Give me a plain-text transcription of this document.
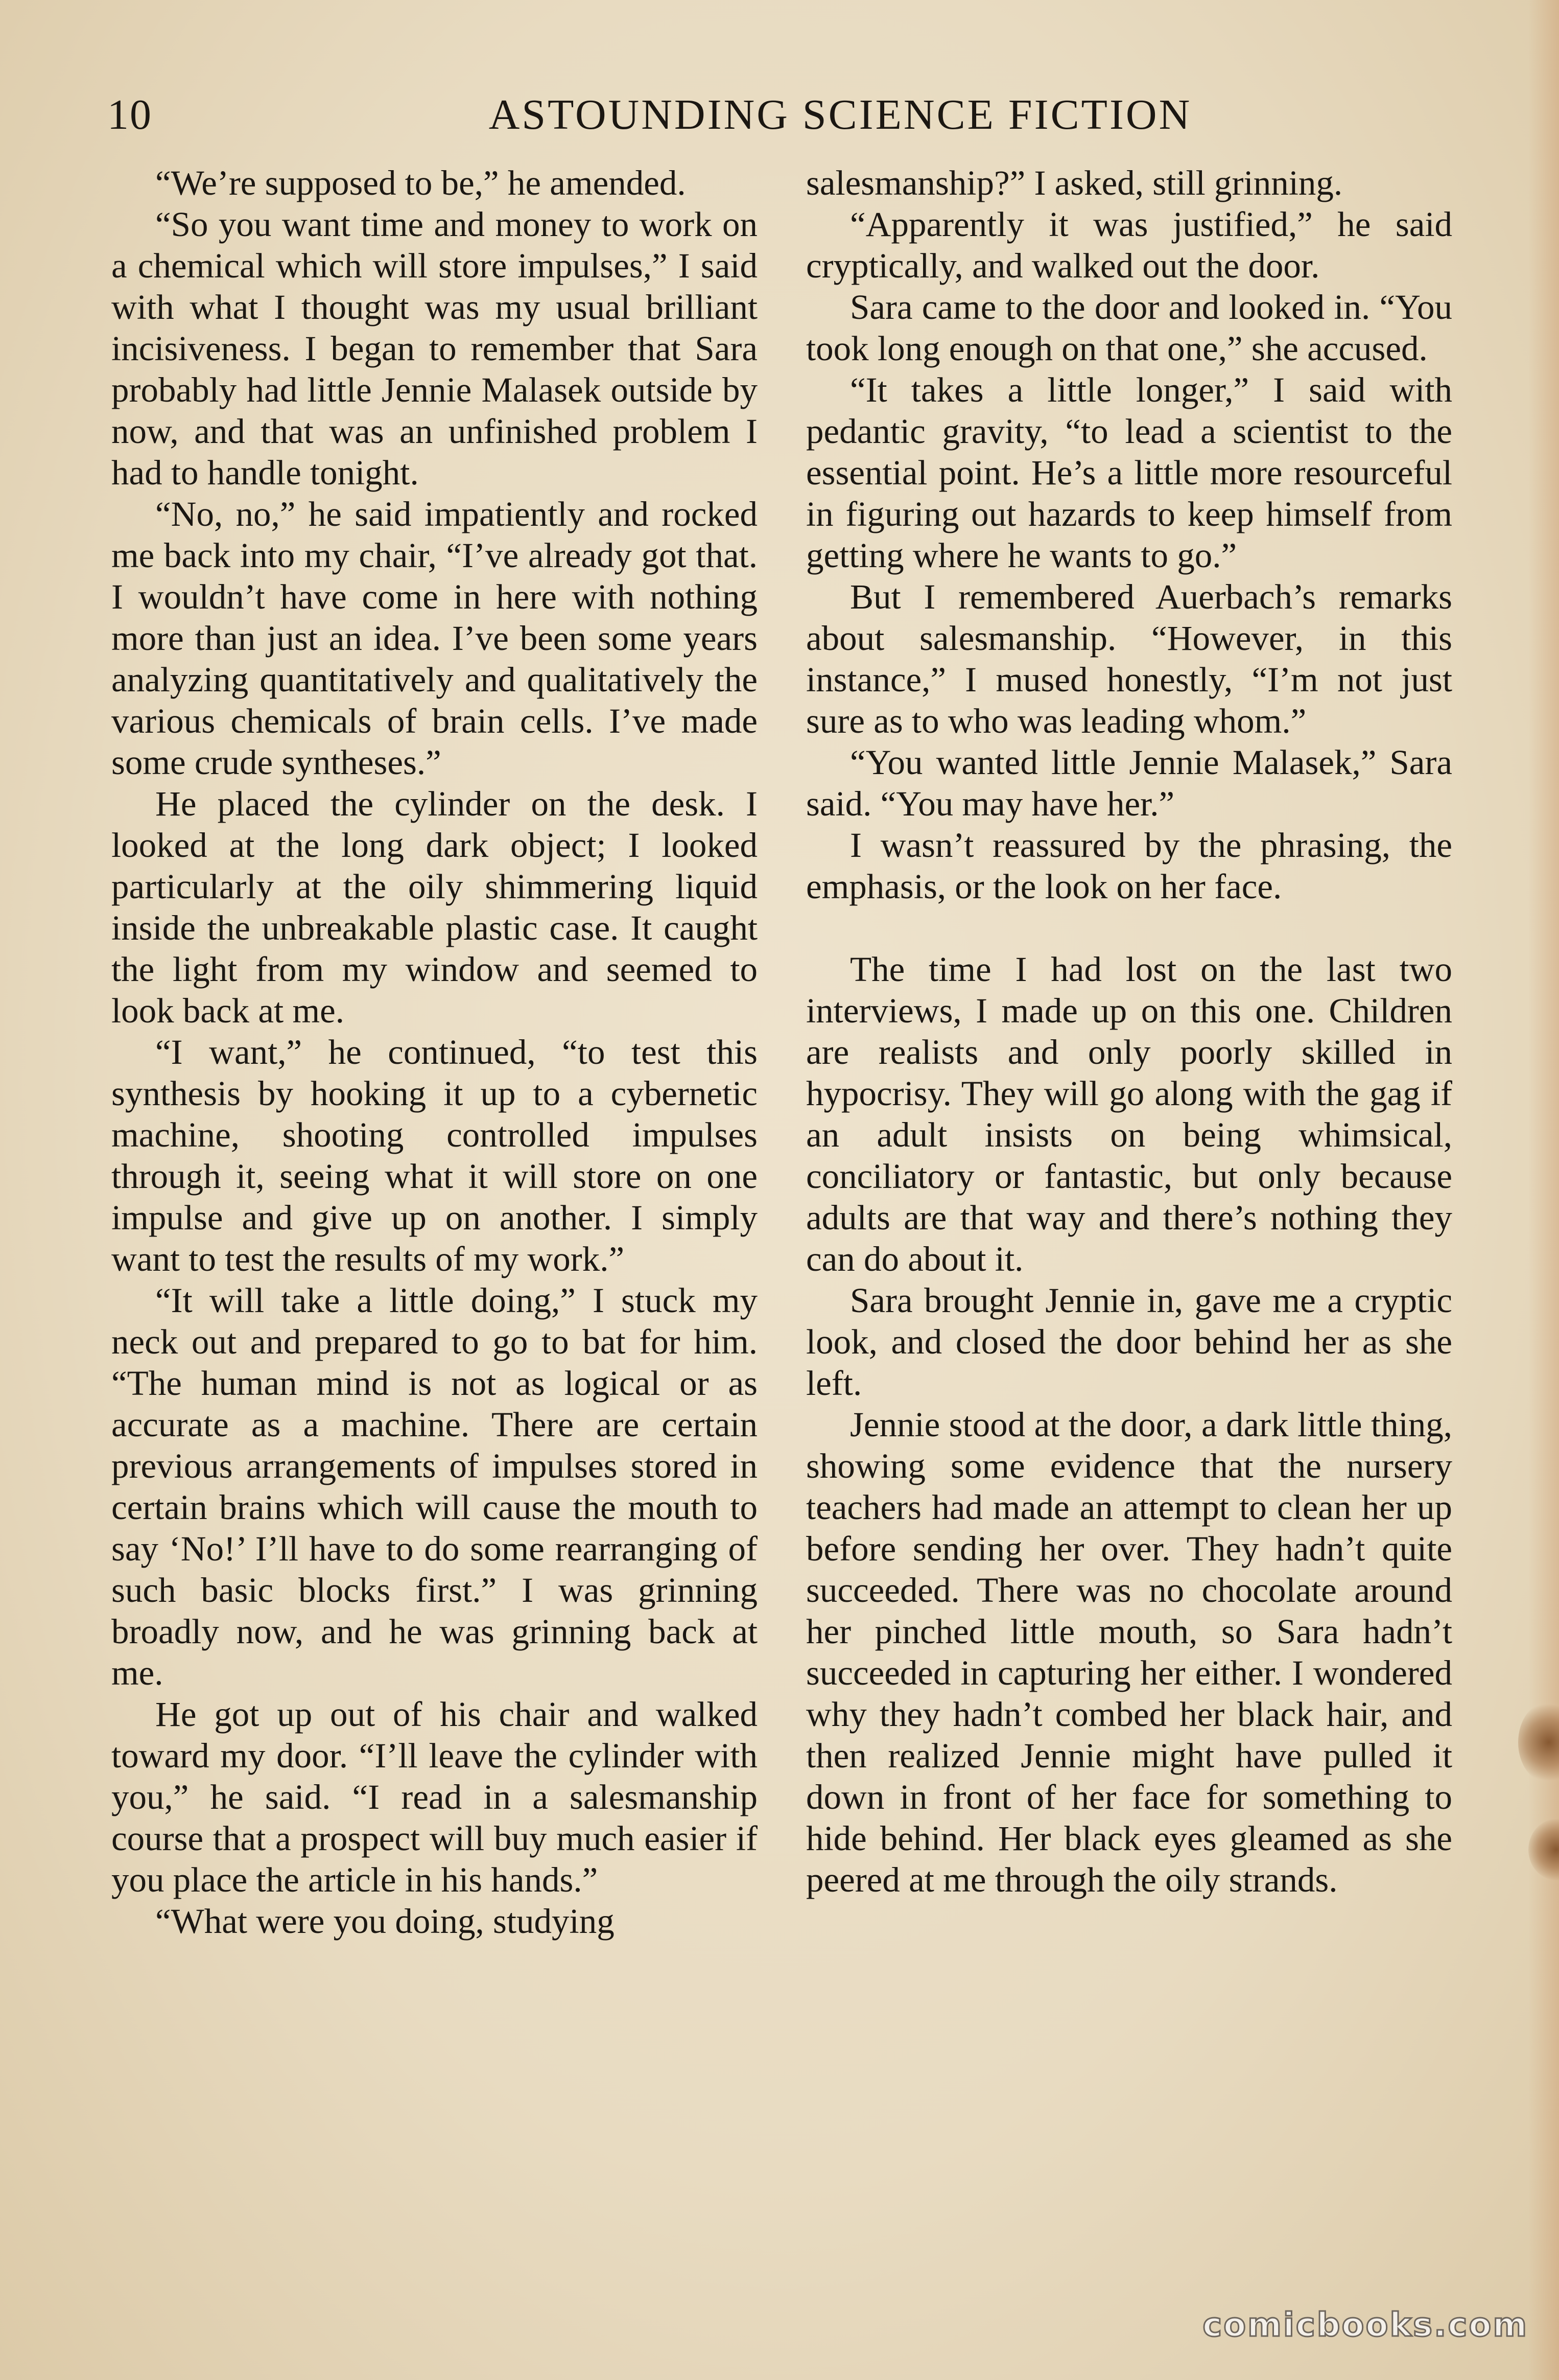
10	ASTOUNDING SCIENCE FICTION

“We’re supposed to be,” he amended.

“So you want time and money to work on a chemical which will store impulses,” I said with what I thought was my usual brilliant incisiveness. I began to remember that Sara probably had little Jennie Malasek outside by now, and that was an unfinished problem I had to handle tonight.

“No, no,” he said impatiently and rocked me back into my chair, “I’ve already got that. I wouldn’t have come in here with nothing more than just an idea. I’ve been some years analyzing quantitatively and qualitatively the various chemicals of brain cells. I’ve made some crude syntheses.”

He placed the cylinder on the desk. I looked at the long dark object; I looked particularly at the oily shimmering liquid inside the unbreakable plastic case. It caught the light from my window and seemed to look back at me.

“I want,” he continued, “to test this synthesis by hooking it up to a cybernetic machine, shooting controlled impulses through it, seeing what it will store on one impulse and give up on another. I simply want to test the results of my work.”

“It will take a little doing,” I stuck my neck out and prepared to go to bat for him. “The human mind is not as logical or as accurate as a machine. There are certain previous arrangements of impulses stored in certain brains which will cause the mouth to say ‘No!’ I’ll have to do some rearranging of such basic blocks first.” I was grinning broadly now, and he was grinning back at me.

He got up out of his chair and walked toward my door. “I’ll leave the cylinder with you,” he said. “I read in a salesmanship course that a prospect will buy much easier if you place the article in his hands.”

“What were you doing, studying

salesmanship?” I asked, still grinning.

“Apparently it was justified,” he said cryptically, and walked out the door.

Sara came to the door and looked in. “You took long enough on that one,” she accused.

“It takes a little longer,” I said with pedantic gravity, “to lead a scientist to the essential point. He’s a little more resourceful in figuring out hazards to keep himself from getting where he wants to go.”

But I remembered Auerbach’s remarks about salesmanship. “However, in this instance,” I mused honestly, “I’m not just sure as to who was leading whom.”

“You wanted little Jennie Malasek,” Sara said. “You may have her.”

I wasn’t reassured by the phrasing, the emphasis, or the look on her face.

The time I had lost on the last two interviews, I made up on this one. Children are realists and only poorly skilled in hypocrisy. They will go along with the gag if an adult insists on being whimsical, conciliatory or fantastic, but only because adults are that way and there’s nothing they can do about it.

Sara brought Jennie in, gave me a cryptic look, and closed the door behind her as she left.

Jennie stood at the door, a dark little thing, showing some evidence that the nursery teachers had made an attempt to clean her up before sending her over. They hadn’t quite succeeded. There was no chocolate around her pinched little mouth, so Sara hadn’t succeeded in capturing her either. I wondered why they hadn’t combed her black hair, and then realized Jennie might have pulled it down in front of her face for something to hide behind. Her black eyes gleamed as she peered at me through the oily strands.

comicbooks.com
